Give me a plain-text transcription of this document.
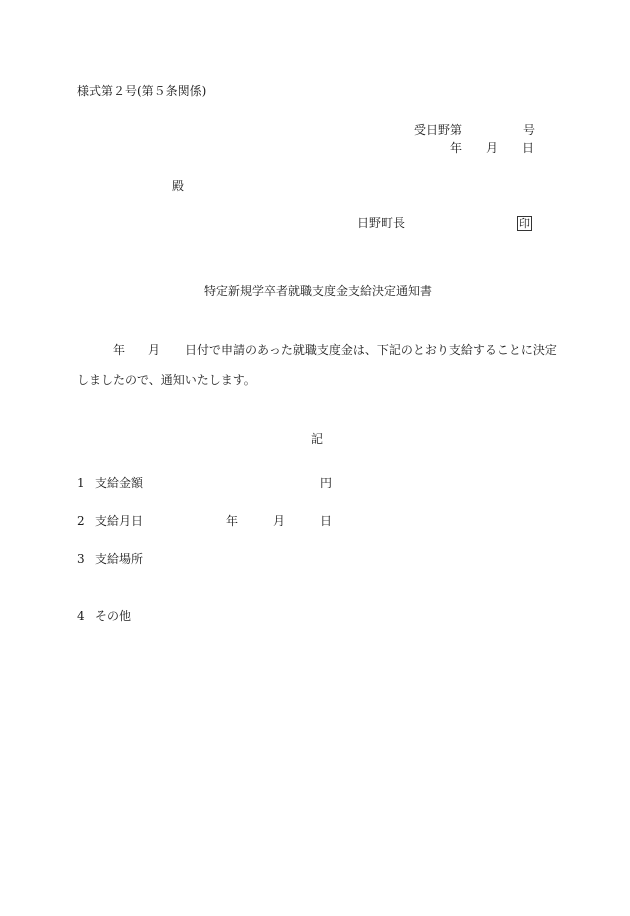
様式第２号(第５条関係)
受日野第	号
年 月 日
殿
日野町長	印
特定新規学卒者就職支度金支給決定通知書
年 月 日付で申請のあった就職支度金は、下記のとおり支給することに決定
しましたので、通知いたします。
記
1 支給金額	円
2 支給月日	年	月	日
3 支給場所
4 その他
